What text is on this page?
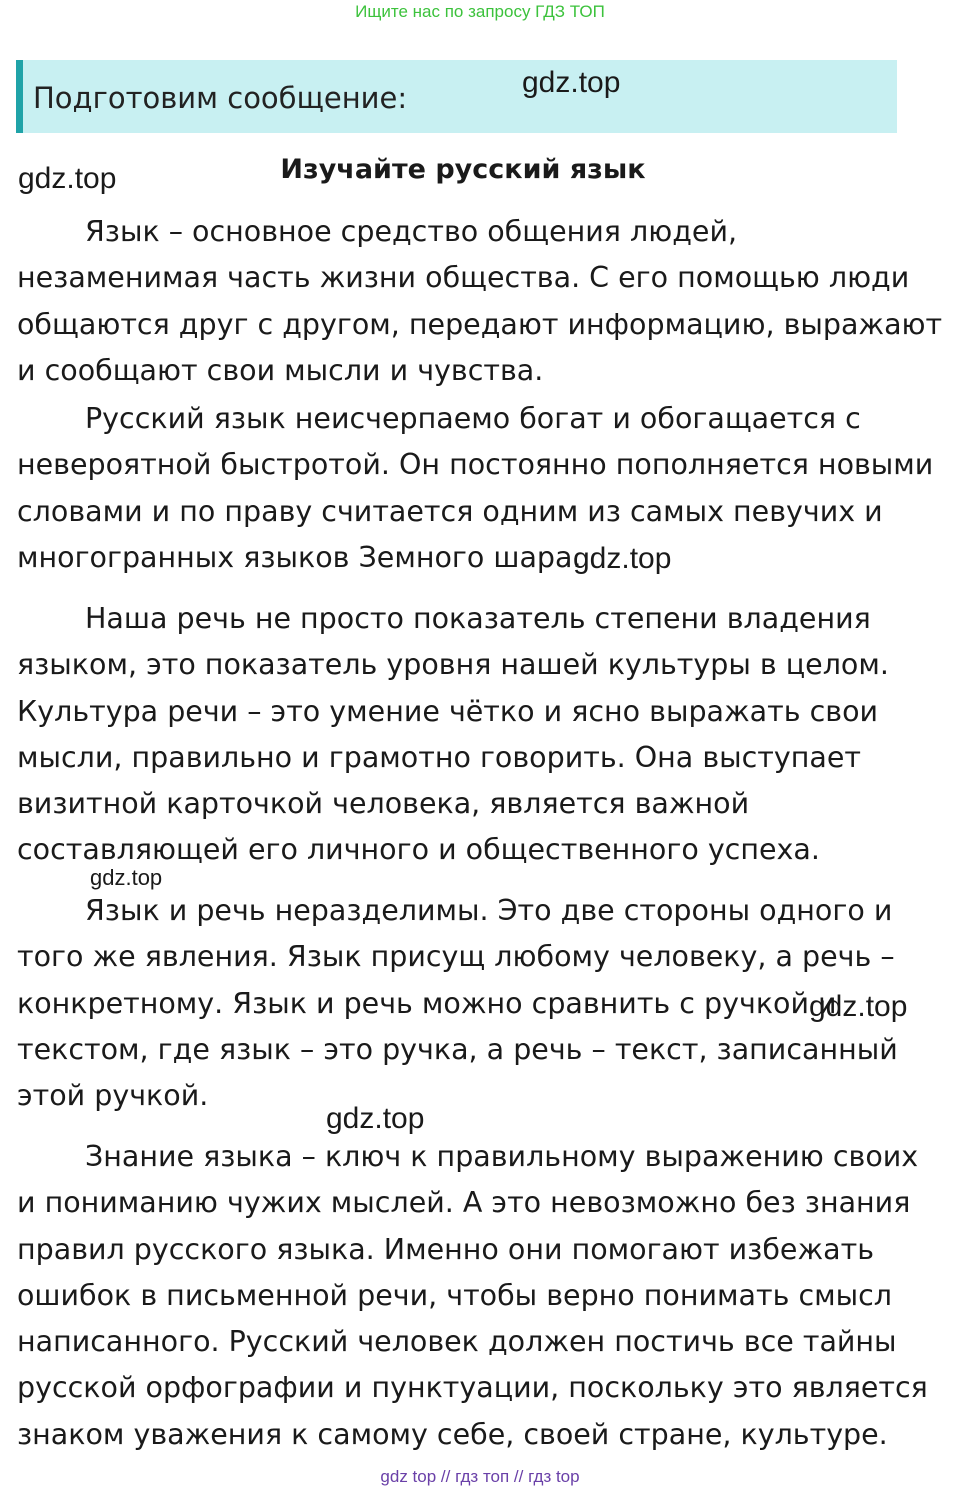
Ищите нас по запросу ГДЗ ТОП
Подготовим сообщение:	gdz.top
gdz.top	Изучайте русский язык

Язык – основное средство общения людей,
незаменимая часть жизни общества. С его помощью люди
общаются друг с другом, передают информацию, выражают
и сообщают свои мысли и чувства.

Русский язык неисчерпаемо богат и обогащается с
невероятной быстротой. Он постоянно пополняется новыми
словами и по праву считается одним из самых певучих и
многогранных языков Земного шара.

gdz.top

Наша речь не просто показатель степени владения
языком, это показатель уровня нашей культуры в целом.
Культура речи – это умение чётко и ясно выражать свои
мысли, правильно и грамотно говорить. Она выступает
визитной карточкой человека, является важной
составляющей его личного и общественного успеха.

gdz.top

Язык и речь неразделимы. Это две стороны одного и
того же явления. Язык присущ любому человеку, а речь –
конкретному. Язык и речь можно сравнить с ручкой и
текстом, где язык – это ручка, а речь – текст, записанный
этой ручкой.

gdz.top
gdz.top

Знание языка – ключ к правильному выражению своих
и пониманию чужих мыслей. А это невозможно без знания
правил русского языка. Именно они помогают избежать
ошибок в письменной речи, чтобы верно понимать смысл
написанного. Русский человек должен постичь все тайны
русской орфографии и пунктуации, поскольку это является
знаком уважения к самому себе, своей стране, культуре.

gdz top // гдз топ // гдз top
